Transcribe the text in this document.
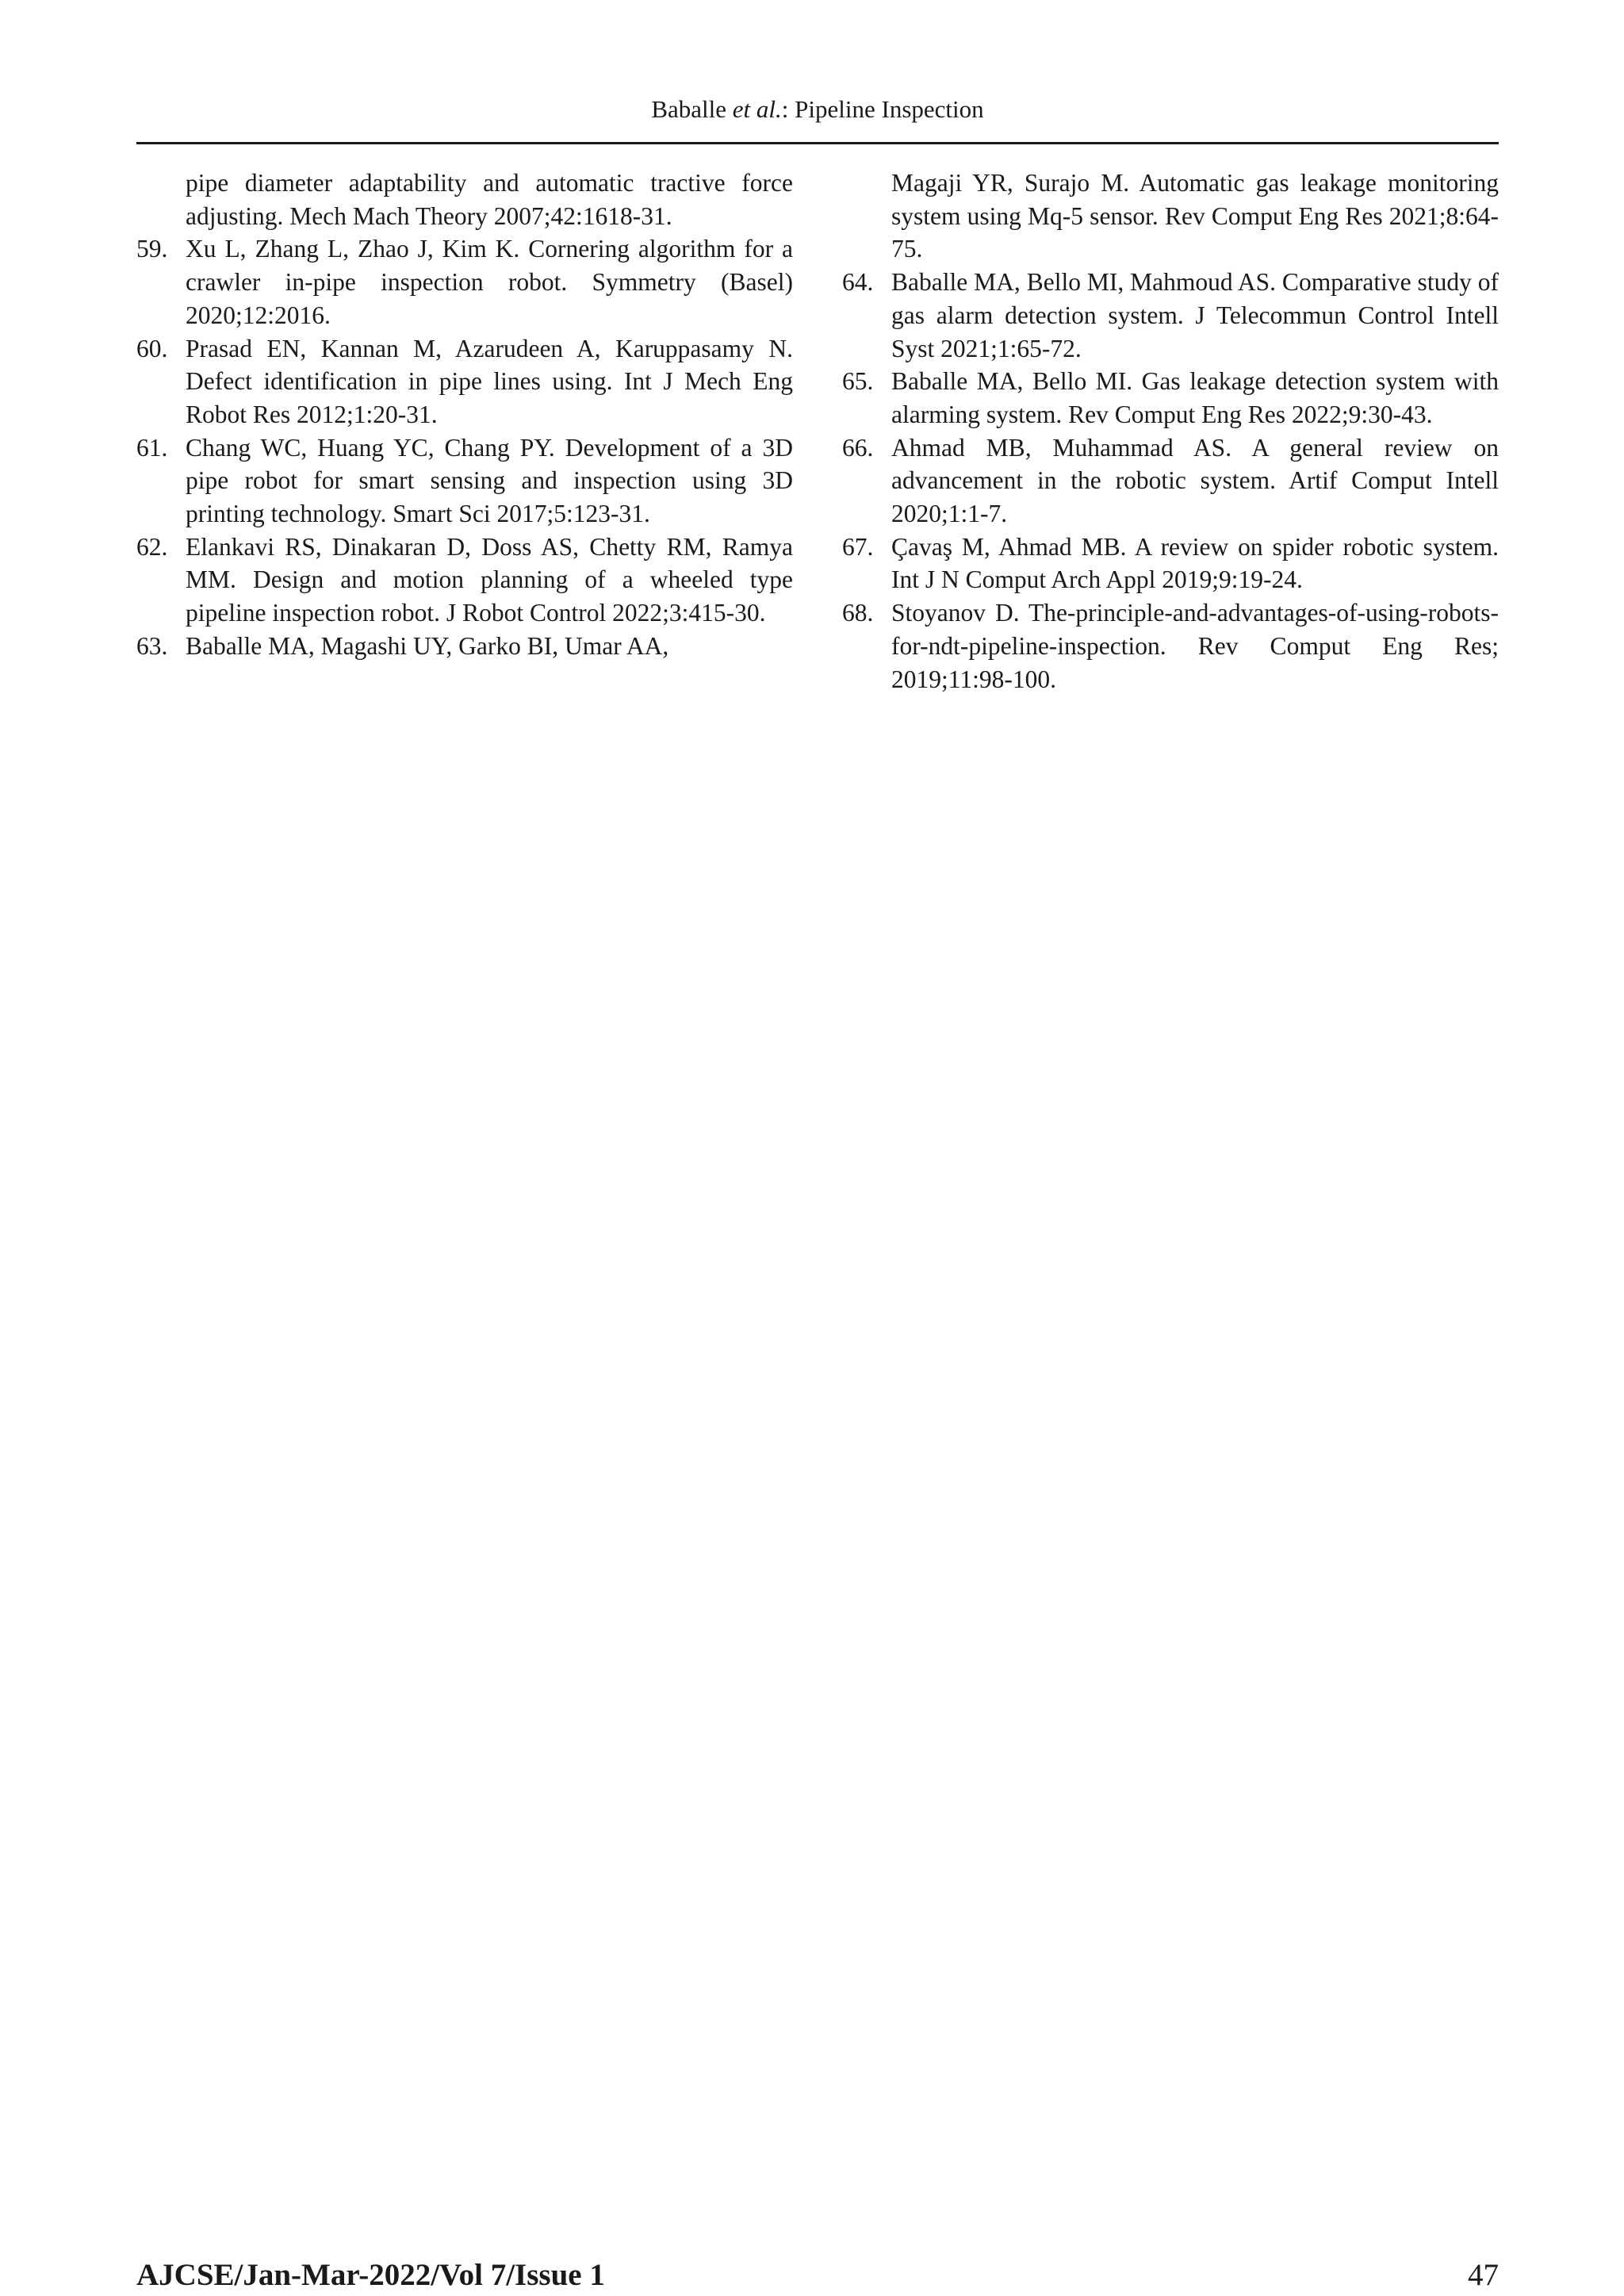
Baballe et al.: Pipeline Inspection
pipe diameter adaptability and automatic tractive force adjusting. Mech Mach Theory 2007;42:1618-31.
59. Xu L, Zhang L, Zhao J, Kim K. Cornering algorithm for a crawler in-pipe inspection robot. Symmetry (Basel) 2020;12:2016.
60. Prasad EN, Kannan M, Azarudeen A, Karuppasamy N. Defect identification in pipe lines using. Int J Mech Eng Robot Res 2012;1:20-31.
61. Chang WC, Huang YC, Chang PY. Development of a 3D pipe robot for smart sensing and inspection using 3D printing technology. Smart Sci 2017;5:123-31.
62. Elankavi RS, Dinakaran D, Doss AS, Chetty RM, Ramya MM. Design and motion planning of a wheeled type pipeline inspection robot. J Robot Control 2022;3:415-30.
63. Baballe MA, Magashi UY, Garko BI, Umar AA,
Magaji YR, Surajo M. Automatic gas leakage monitoring system using Mq-5 sensor. Rev Comput Eng Res 2021;8:64-75.
64. Baballe MA, Bello MI, Mahmoud AS. Comparative study of gas alarm detection system. J Telecommun Control Intell Syst 2021;1:65-72.
65. Baballe MA, Bello MI. Gas leakage detection system with alarming system. Rev Comput Eng Res 2022;9:30-43.
66. Ahmad MB, Muhammad AS. A general review on advancement in the robotic system. Artif Comput Intell 2020;1:1-7.
67. Çavaş M, Ahmad MB. A review on spider robotic system. Int J N Comput Arch Appl 2019;9:19-24.
68. Stoyanov D. The-principle-and-advantages-of-using-robots-for-ndt-pipeline-inspection. Rev Comput Eng Res; 2019;11:98-100.
AJCSE/Jan-Mar-2022/Vol 7/Issue 1	47
